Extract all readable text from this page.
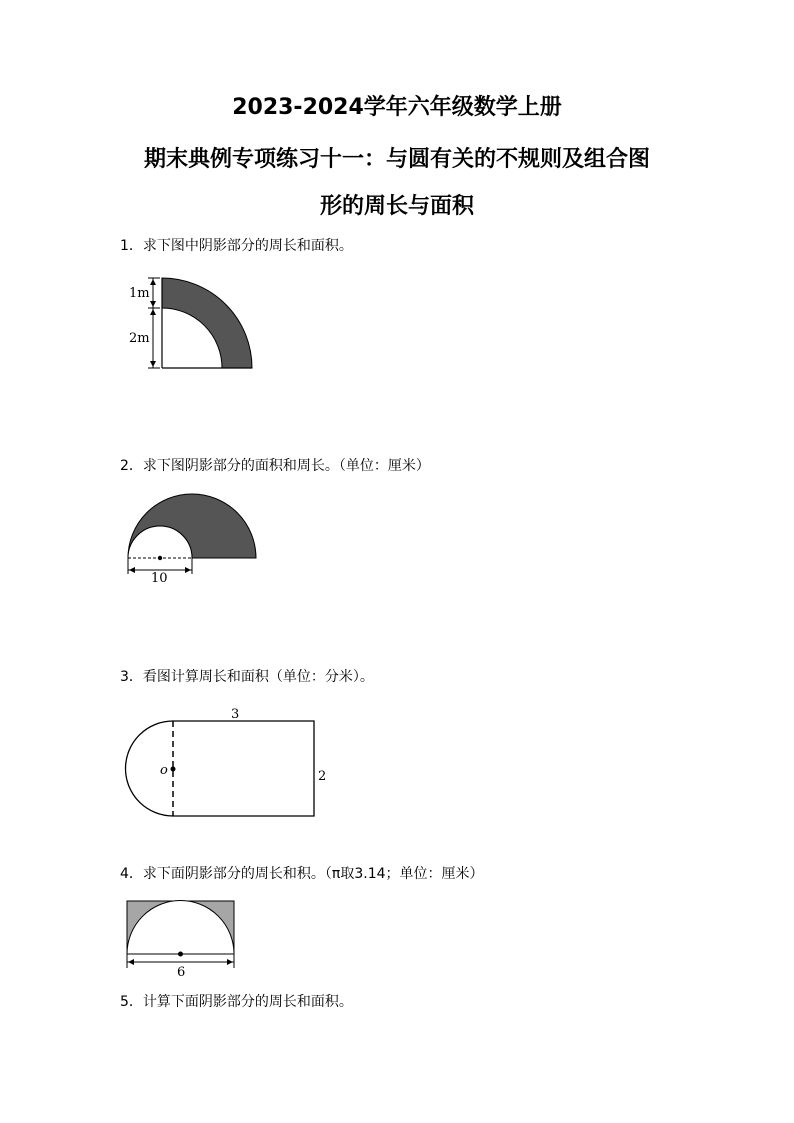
2023-2024学年六年级数学上册
期末典例专项练习十一：与圆有关的不规则及组合图
形的周长与面积
1．求下图中阴影部分的周长和面积。
1m
2m
2．求下图阴影部分的面积和周长。（单位：厘米）
10
3．看图计算周长和面积（单位：分米）。
o
3
2
4．求下面阴影部分的周长和积。（π取3.14；单位：厘米）
6
5．计算下面阴影部分的周长和面积。
